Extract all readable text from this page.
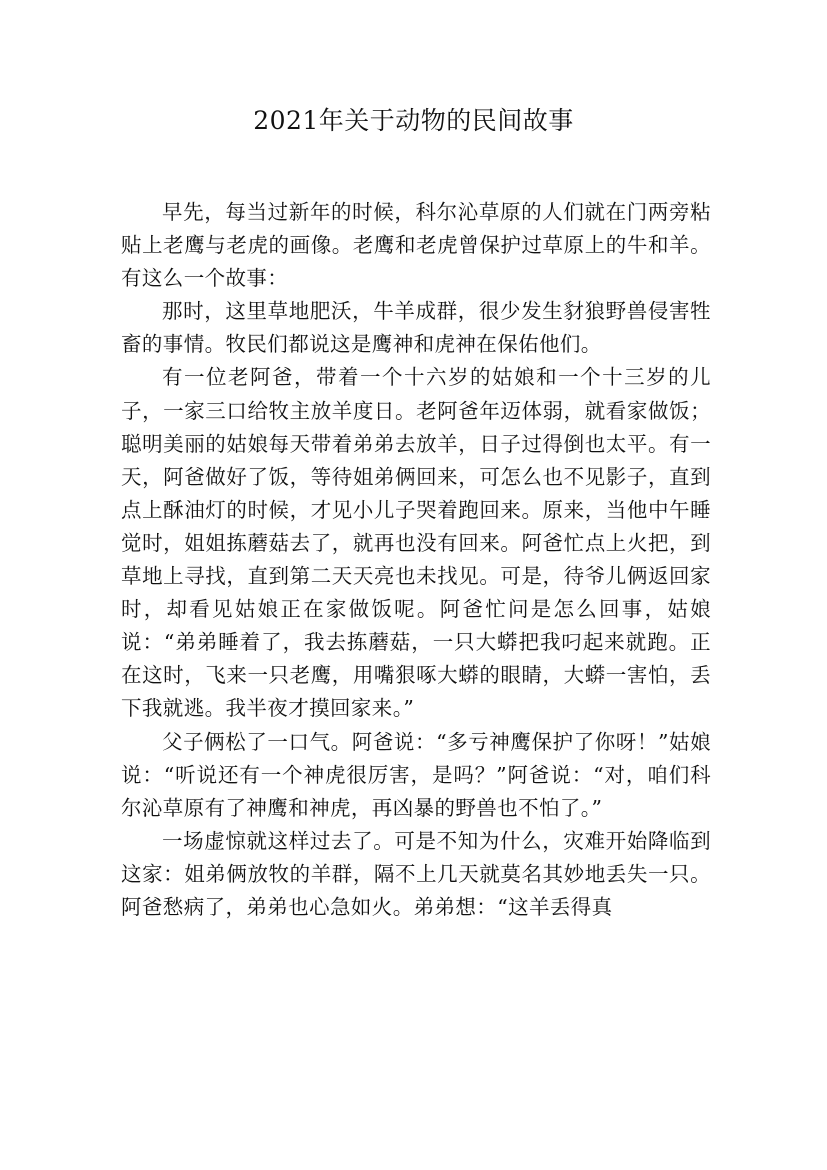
2021年关于动物的民间故事

早先，每当过新年的时候，科尔沁草原的人们就在门两旁粘贴上老鹰与老虎的画像。老鹰和老虎曾保护过草原上的牛和羊。有这么一个故事：

那时，这里草地肥沃，牛羊成群，很少发生豺狼野兽侵害牲畜的事情。牧民们都说这是鹰神和虎神在保佑他们。

有一位老阿爸，带着一个十六岁的姑娘和一个十三岁的儿子，一家三口给牧主放羊度日。老阿爸年迈体弱，就看家做饭；聪明美丽的姑娘每天带着弟弟去放羊，日子过得倒也太平。有一天，阿爸做好了饭，等待姐弟俩回来，可怎么也不见影子，直到点上酥油灯的时候，才见小儿子哭着跑回来。原来，当他中午睡觉时，姐姐拣蘑菇去了，就再也没有回来。阿爸忙点上火把，到草地上寻找，直到第二天天亮也未找见。可是，待爷儿俩返回家时，却看见姑娘正在家做饭呢。阿爸忙问是怎么回事，姑娘说：“弟弟睡着了，我去拣蘑菇，一只大蟒把我叼起来就跑。正在这时，飞来一只老鹰，用嘴狠啄大蟒的眼睛，大蟒一害怕，丢下我就逃。我半夜才摸回家来。”

父子俩松了一口气。阿爸说：“多亏神鹰保护了你呀！”姑娘说：“听说还有一个神虎很厉害，是吗？”阿爸说：“对，咱们科尔沁草原有了神鹰和神虎，再凶暴的野兽也不怕了。”

一场虚惊就这样过去了。可是不知为什么，灾难开始降临到这家：姐弟俩放牧的羊群，隔不上几天就莫名其妙地丢失一只。阿爸愁病了，弟弟也心急如火。弟弟想：“这羊丢得真
